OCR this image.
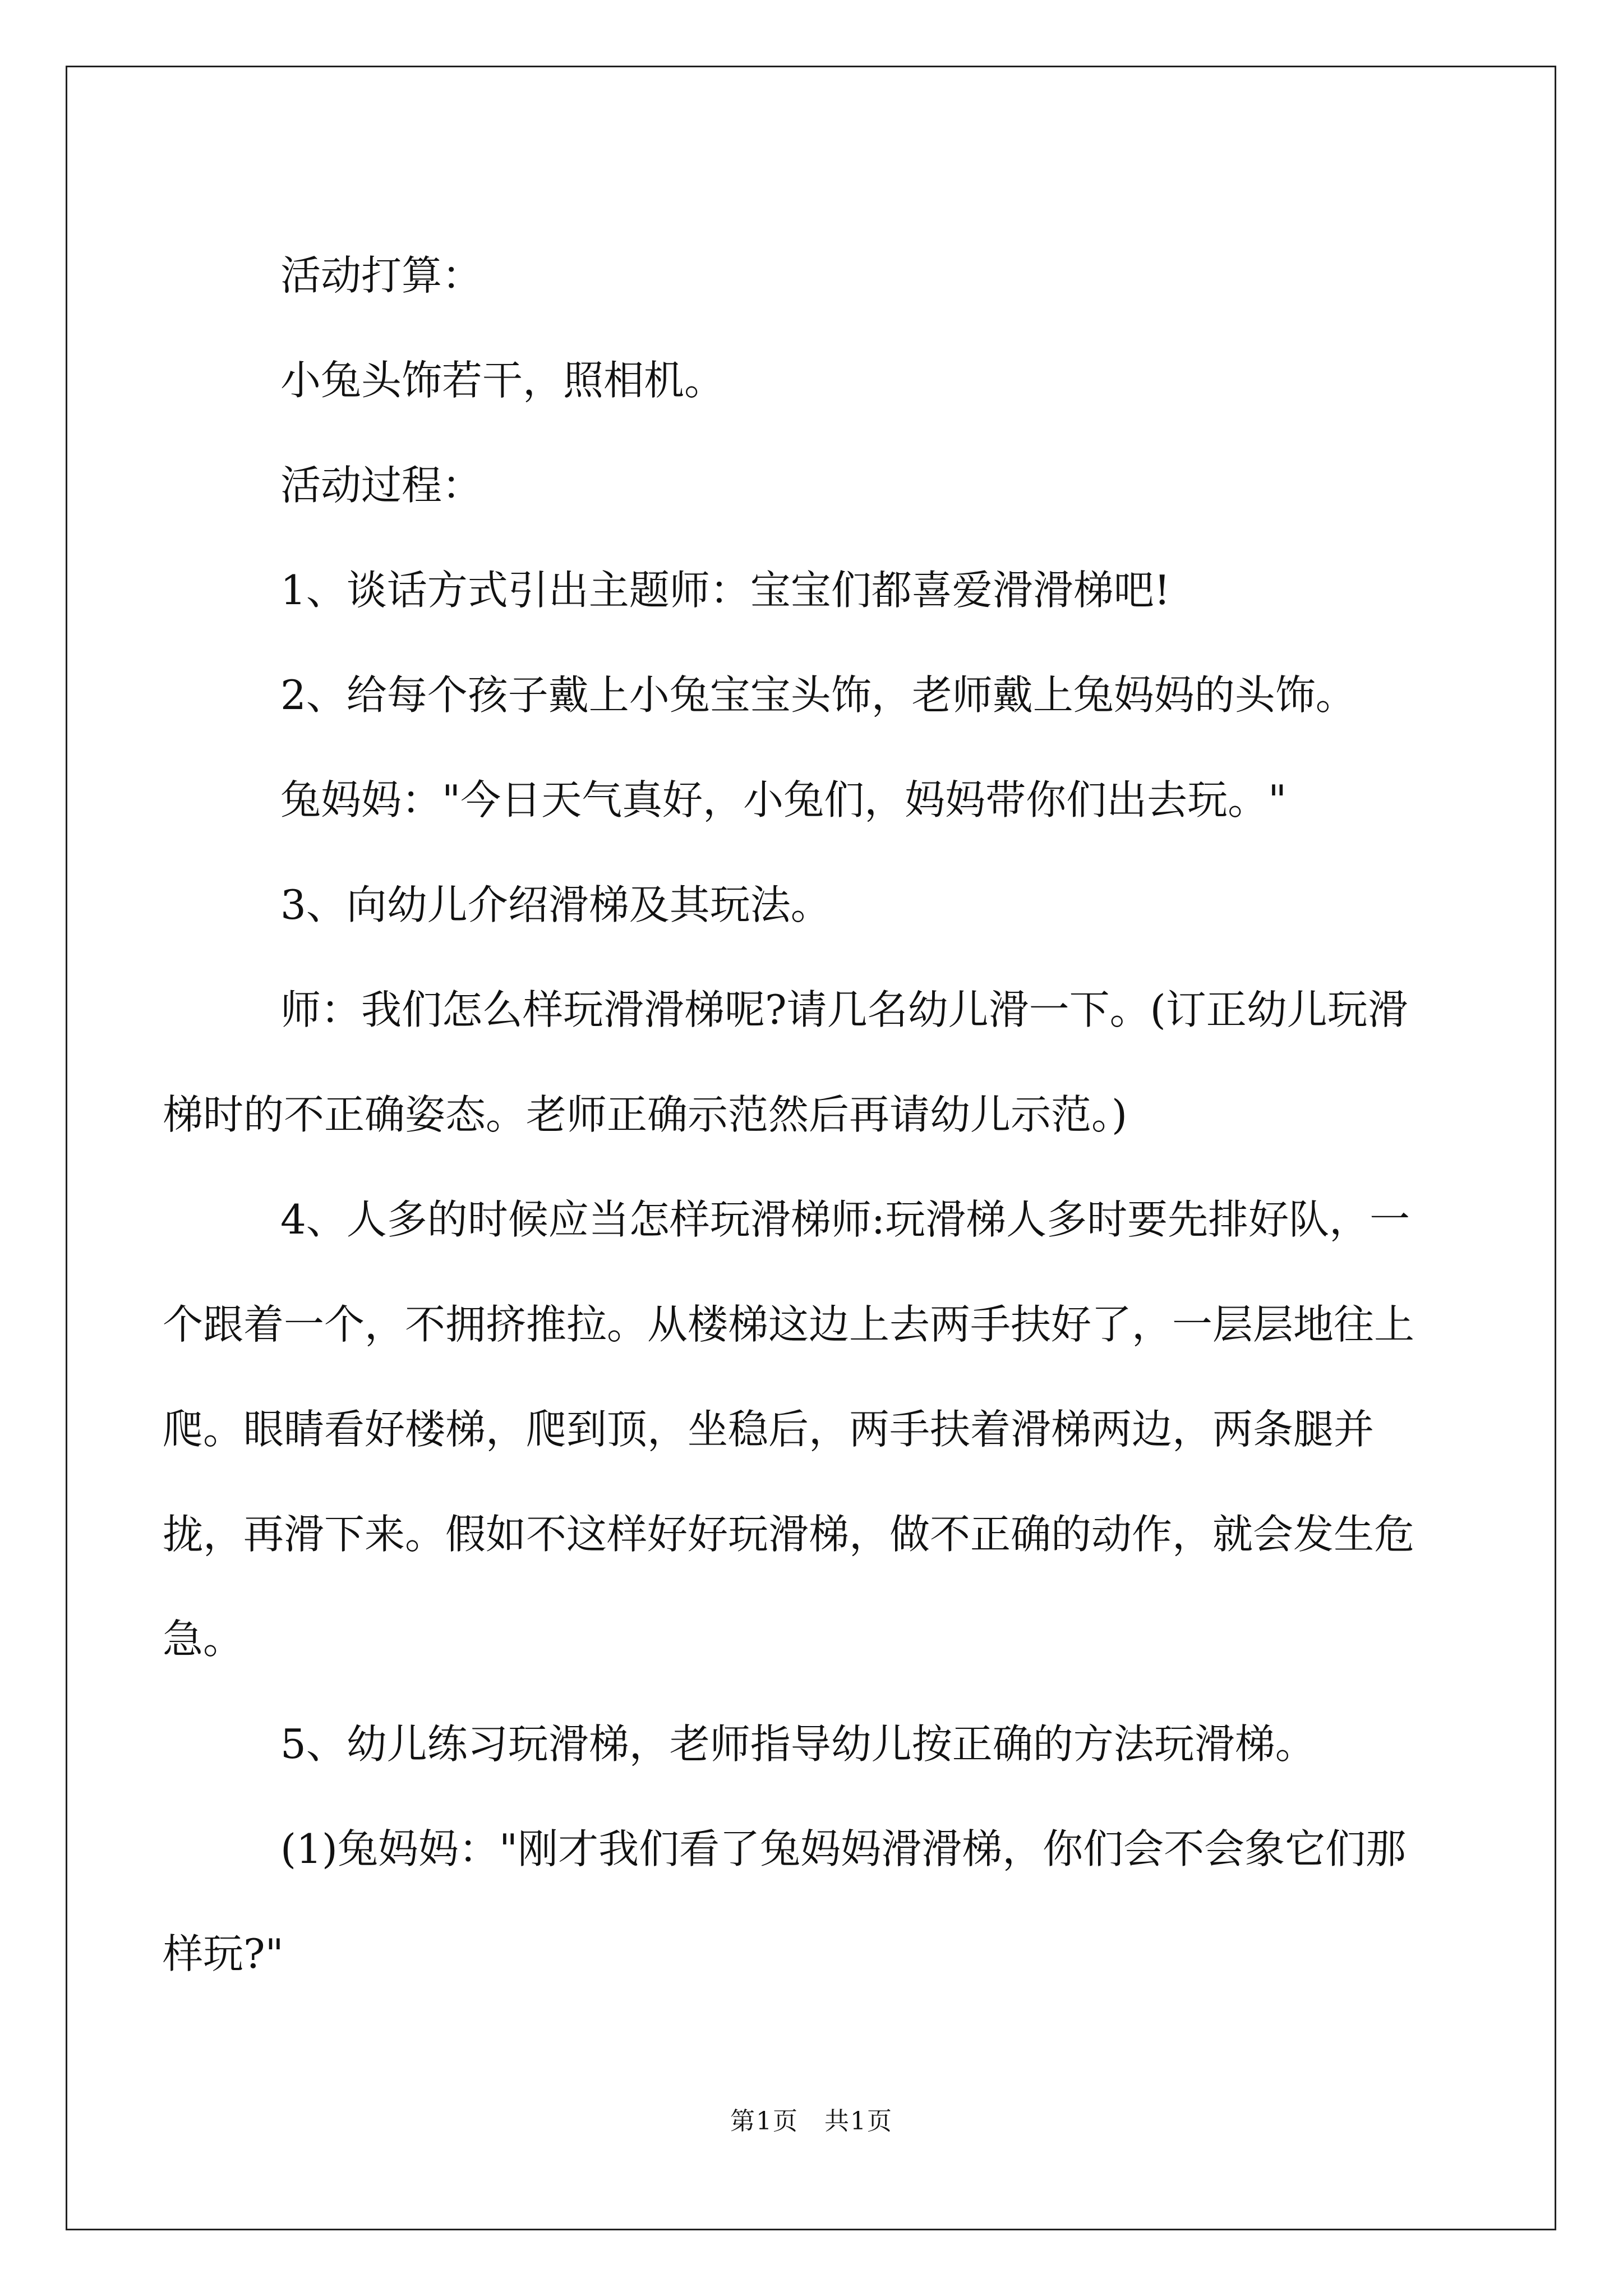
活动打算：

小兔头饰若干，照相机。

活动过程：

1、谈话方式引出主题师：宝宝们都喜爱滑滑梯吧!

2、给每个孩子戴上小兔宝宝头饰，老师戴上兔妈妈的头饰。

兔妈妈："今日天气真好，小兔们，妈妈带你们出去玩。"

3、向幼儿介绍滑梯及其玩法。

师：我们怎么样玩滑滑梯呢?请几名幼儿滑一下。(订正幼儿玩滑梯时的不正确姿态。老师正确示范然后再请幼儿示范。)

4、人多的时候应当怎样玩滑梯师:玩滑梯人多时要先排好队，一个跟着一个，不拥挤推拉。从楼梯这边上去两手扶好了，一层层地往上爬。眼睛看好楼梯，爬到顶，坐稳后，两手扶着滑梯两边，两条腿并拢，再滑下来。假如不这样好好玩滑梯，做不正确的动作，就会发生危急。

5、幼儿练习玩滑梯，老师指导幼儿按正确的方法玩滑梯。

(1)兔妈妈："刚才我们看了兔妈妈滑滑梯，你们会不会象它们那样玩?"

第1页　共1页
